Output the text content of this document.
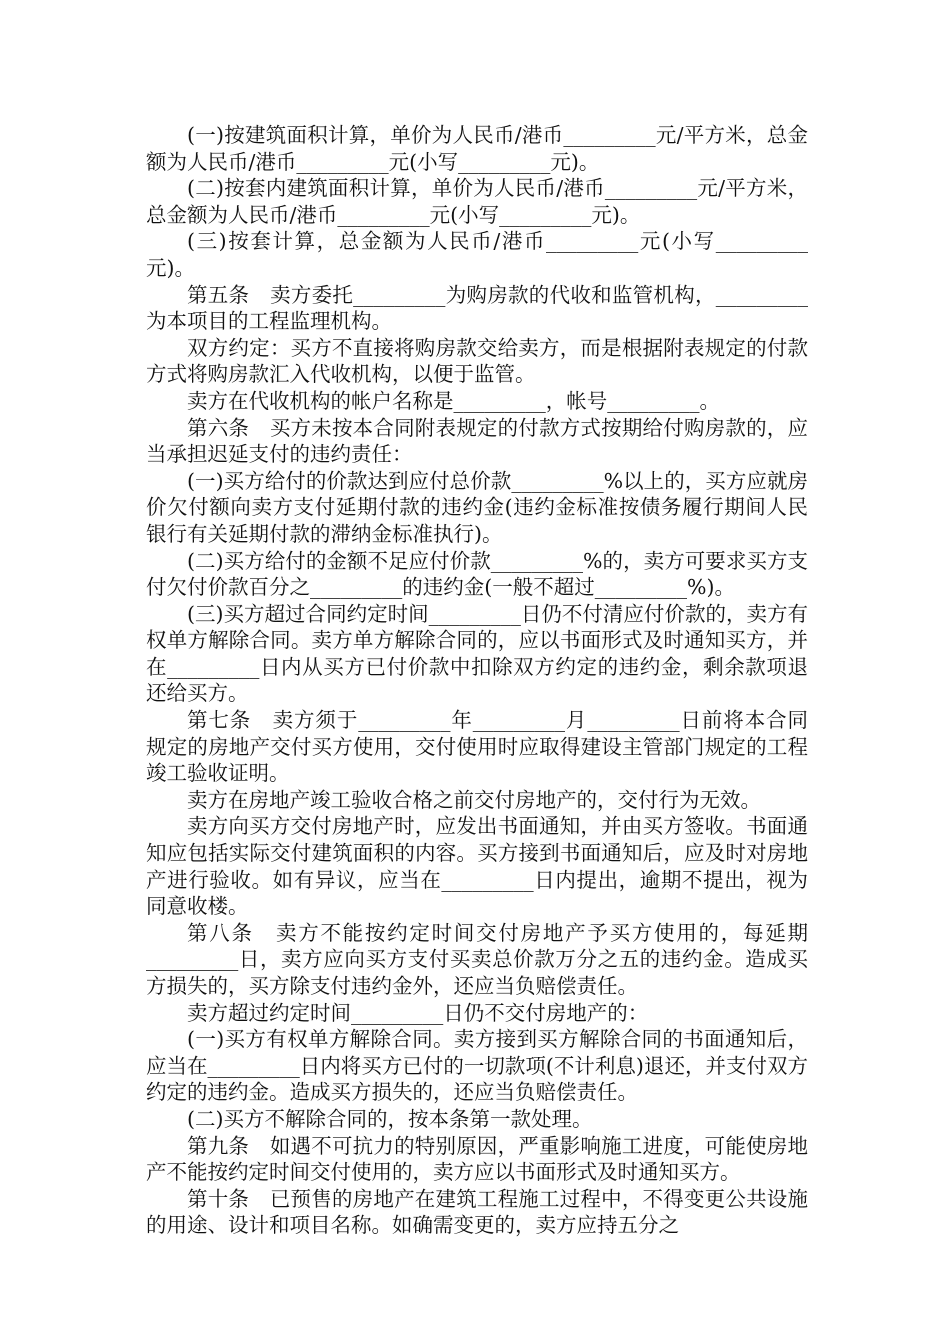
(一)按建筑面积计算，单价为人民币/港币_________元/平方米，总金额为人民币/港币_________元(小写_________元)。

(二)按套内建筑面积计算，单价为人民币/港币_________元/平方米，总金额为人民币/港币_________元(小写_________元)。

(三)按套计算，总金额为人民币/港币_________元(小写_________元)。

第五条　卖方委托_________为购房款的代收和监管机构，_________为本项目的工程监理机构。

双方约定：买方不直接将购房款交给卖方，而是根据附表规定的付款方式将购房款汇入代收机构，以便于监管。

卖方在代收机构的帐户名称是_________，帐号_________。

第六条　买方未按本合同附表规定的付款方式按期给付购房款的，应当承担迟延支付的违约责任：

(一)买方给付的价款达到应付总价款_________%以上的，买方应就房价欠付额向卖方支付延期付款的违约金(违约金标准按债务履行期间人民银行有关延期付款的滞纳金标准执行)。

(二)买方给付的金额不足应付价款_________%的，卖方可要求买方支付欠付价款百分之_________的违约金(一般不超过_________%)。

(三)买方超过合同约定时间_________日仍不付清应付价款的，卖方有权单方解除合同。卖方单方解除合同的，应以书面形式及时通知买方，并在_________日内从买方已付价款中扣除双方约定的违约金，剩余款项退还给买方。

第七条　卖方须于_________年_________月_________日前将本合同规定的房地产交付买方使用，交付使用时应取得建设主管部门规定的工程竣工验收证明。

卖方在房地产竣工验收合格之前交付房地产的，交付行为无效。

卖方向买方交付房地产时，应发出书面通知，并由买方签收。书面通知应包括实际交付建筑面积的内容。买方接到书面通知后，应及时对房地产进行验收。如有异议，应当在_________日内提出，逾期不提出，视为同意收楼。

第八条　卖方不能按约定时间交付房地产予买方使用的，每延期_________日，卖方应向买方支付买卖总价款万分之五的违约金。造成买方损失的，买方除支付违约金外，还应当负赔偿责任。

卖方超过约定时间_________日仍不交付房地产的：

(一)买方有权单方解除合同。卖方接到买方解除合同的书面通知后，应当在_________日内将买方已付的一切款项(不计利息)退还，并支付双方约定的违约金。造成买方损失的，还应当负赔偿责任。

(二)买方不解除合同的，按本条第一款处理。

第九条　如遇不可抗力的特别原因，严重影响施工进度，可能使房地产不能按约定时间交付使用的，卖方应以书面形式及时通知买方。

第十条　已预售的房地产在建筑工程施工过程中，不得变更公共设施的用途、设计和项目名称。如确需变更的，卖方应持五分之
